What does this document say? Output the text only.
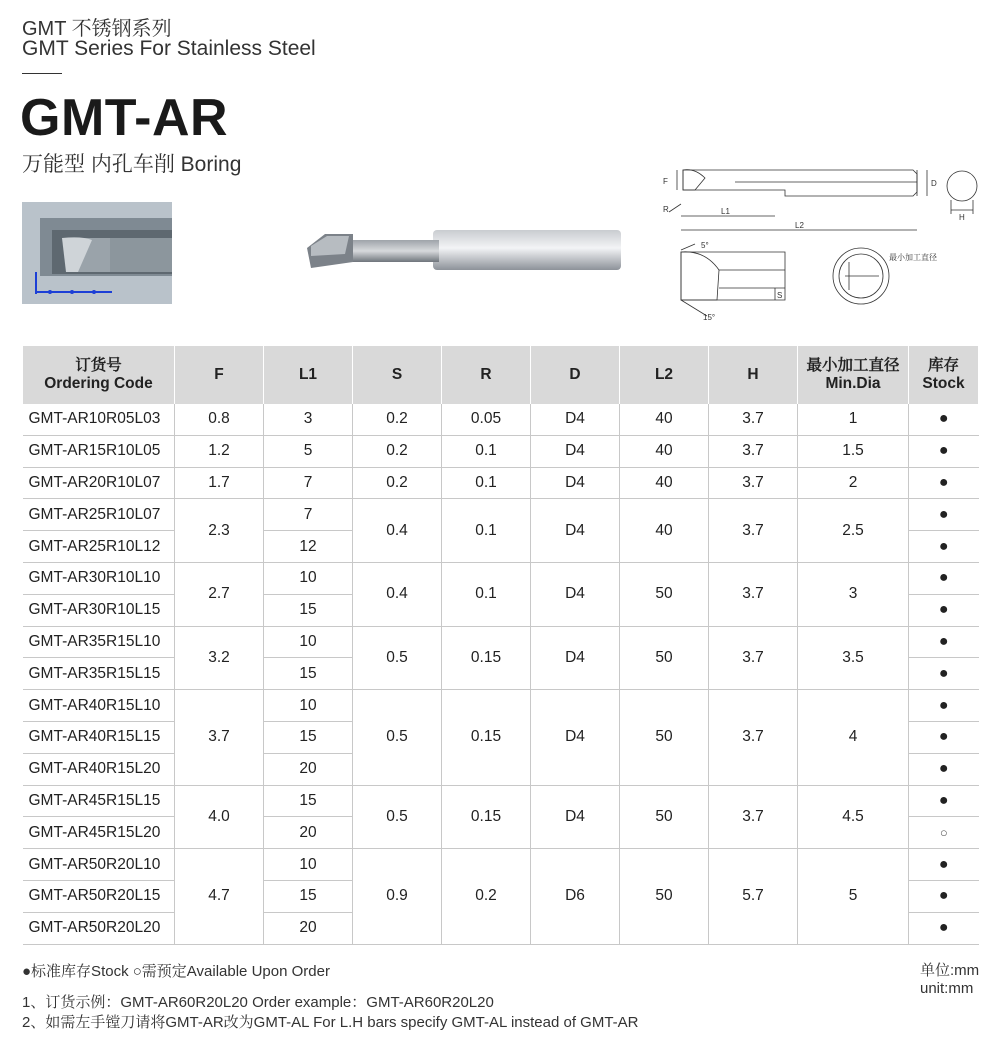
GMT 不锈钢系列
GMT Series For Stainless Steel
GMT-AR
万能型 内孔车削 Boring
F
R	L1
L2
D
H
5°
15°
S
最小加工直径
订货号
Ordering Code	F	L1	S	R	D	L2	H	最小加工直径
Min.Dia	库存
Stock
GMT-AR10R05L03	0.8	3	0.2	0.05	D4	40	3.7	1	●
GMT-AR15R10L05	1.2	5	0.2	0.1	D4	40	3.7	1.5	●
GMT-AR20R10L07	1.7	7	0.2	0.1	D4	40	3.7	2	●
GMT-AR25R10L07	2.3	7	0.4	0.1	D4	40	3.7	2.5	●
GMT-AR25R10L12		12							●
GMT-AR30R10L10	2.7	10	0.4	0.1	D4	50	3.7	3	●
GMT-AR30R10L15		15							●
GMT-AR35R15L10	3.2	10	0.5	0.15	D4	50	3.7	3.5	●
GMT-AR35R15L15		15							●
GMT-AR40R15L10	3.7	10	0.5	0.15	D4	50	3.7	4	●
GMT-AR40R15L15		15							●
GMT-AR40R15L20		20							●
GMT-AR45R15L15	4.0	15	0.5	0.15	D4	50	3.7	4.5	●
GMT-AR45R15L20		20							○
GMT-AR50R20L10	4.7	10	0.9	0.2	D6	50	5.7	5	●
GMT-AR50R20L15		15							●
GMT-AR50R20L20		20							●
●标准库存Stock ○需预定Available Upon Order	单位:mm
unit:mm
1、订货示例：GMT-AR60R20L20 Order example：GMT-AR60R20L20
2、如需左手镗刀请将GMT-AR改为GMT-AL For L.H bars specify GMT-AL instead of GMT-AR
